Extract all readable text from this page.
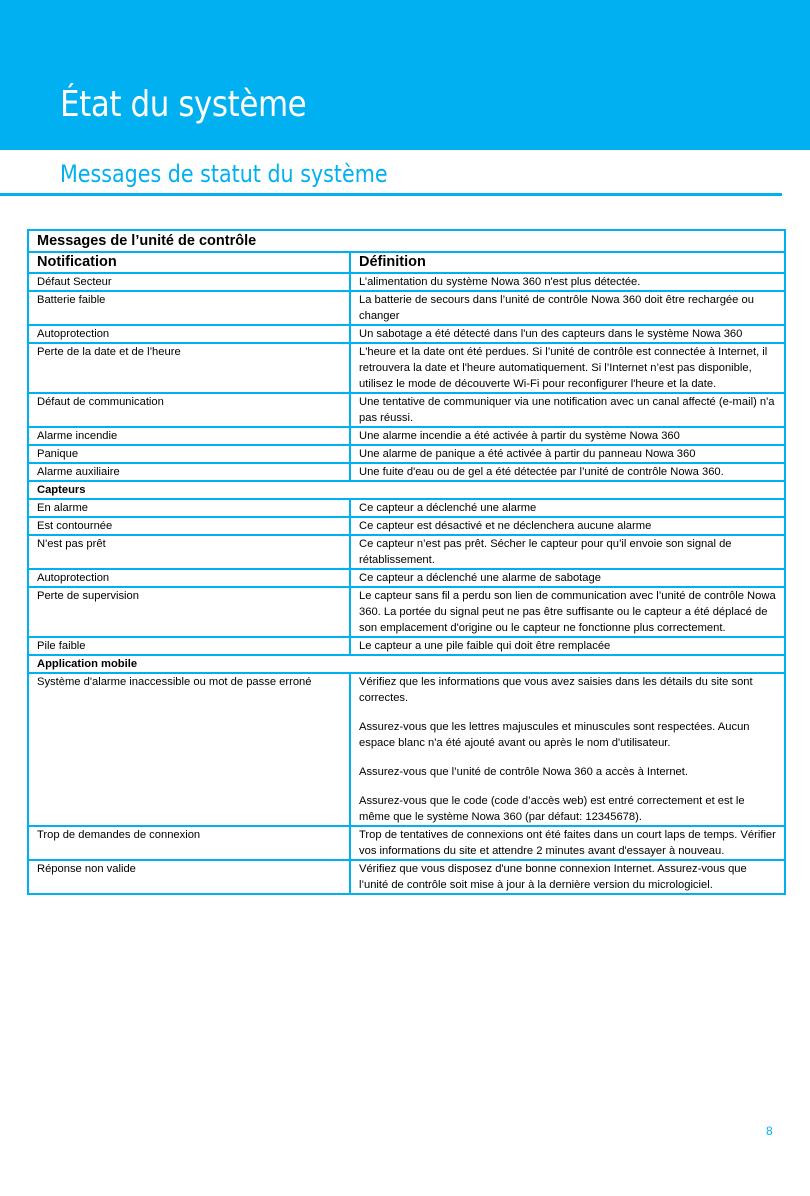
État du système
Messages de statut du système
Messages de l’unité de contrôle	
Notification	Définition
Défaut Secteur	L’alimentation du système Nowa 360 n'est plus détectée.

Batterie faible	La batterie de secours dans l’unité de contrôle Nowa 360 doit être rechargée ou changer

Autoprotection	Un sabotage a été détecté dans l'un des capteurs dans le système Nowa 360

Perte de la date et de l’heure	L'heure et la date ont été perdues. Si l’unité de contrôle est connectée à Internet, il retrouvera la date et l'heure automatiquement. Si l’Internet n’est pas disponible, utilisez le mode de découverte Wi-Fi pour reconfigurer l'heure et la date.

Défaut de communication	Une tentative de communiquer via une notification avec un canal affecté (e-mail) n'a pas réussi.

Alarme incendie	Une alarme incendie a été activée à partir du système Nowa 360

Panique	Une alarme de panique a été activée à partir du panneau Nowa 360

Alarme auxiliaire	Une fuite d'eau ou de gel a été détectée par l’unité de contrôle Nowa 360.

Capteurs	
En alarme	Ce capteur a déclenché une alarme

Est contournée	Ce capteur est désactivé et ne déclenchera aucune alarme

N'est pas prêt	Ce capteur n’est pas prêt. Sécher le capteur pour qu’il envoie son signal de rétablissement.

Autoprotection	Ce capteur a déclenché une alarme de sabotage

Perte de supervision	Le capteur sans fil a perdu son lien de communication avec l’unité de contrôle Nowa 360. La portée du signal peut ne pas être suffisante ou le capteur a été déplacé de son emplacement d'origine ou le capteur ne fonctionne plus correctement.

Pile faible	Le capteur a une pile faible qui doit être remplacée

Application mobile	
Système d'alarme inaccessible ou mot de passe erroné	Vérifiez que les informations que vous avez saisies dans les détails du site sont correctes.

Assurez-vous que les lettres majuscules et minuscules sont respectées. Aucun espace blanc n'a été ajouté avant ou après le nom d'utilisateur.

Assurez-vous que l’unité de contrôle Nowa 360 a accès à Internet.

Assurez-vous que le code (code d’accès web) est entré correctement et est le même que le système Nowa 360 (par défaut: 12345678).

Trop de demandes de connexion	Trop de tentatives de connexions ont été faites dans un court laps de temps. Vérifier vos informations du site et attendre 2 minutes avant d'essayer à nouveau.

Réponse non valide	Vérifiez que vous disposez d'une bonne connexion Internet. Assurez-vous que l’unité de contrôle soit mise à jour à la dernière version du micrologiciel.

8
